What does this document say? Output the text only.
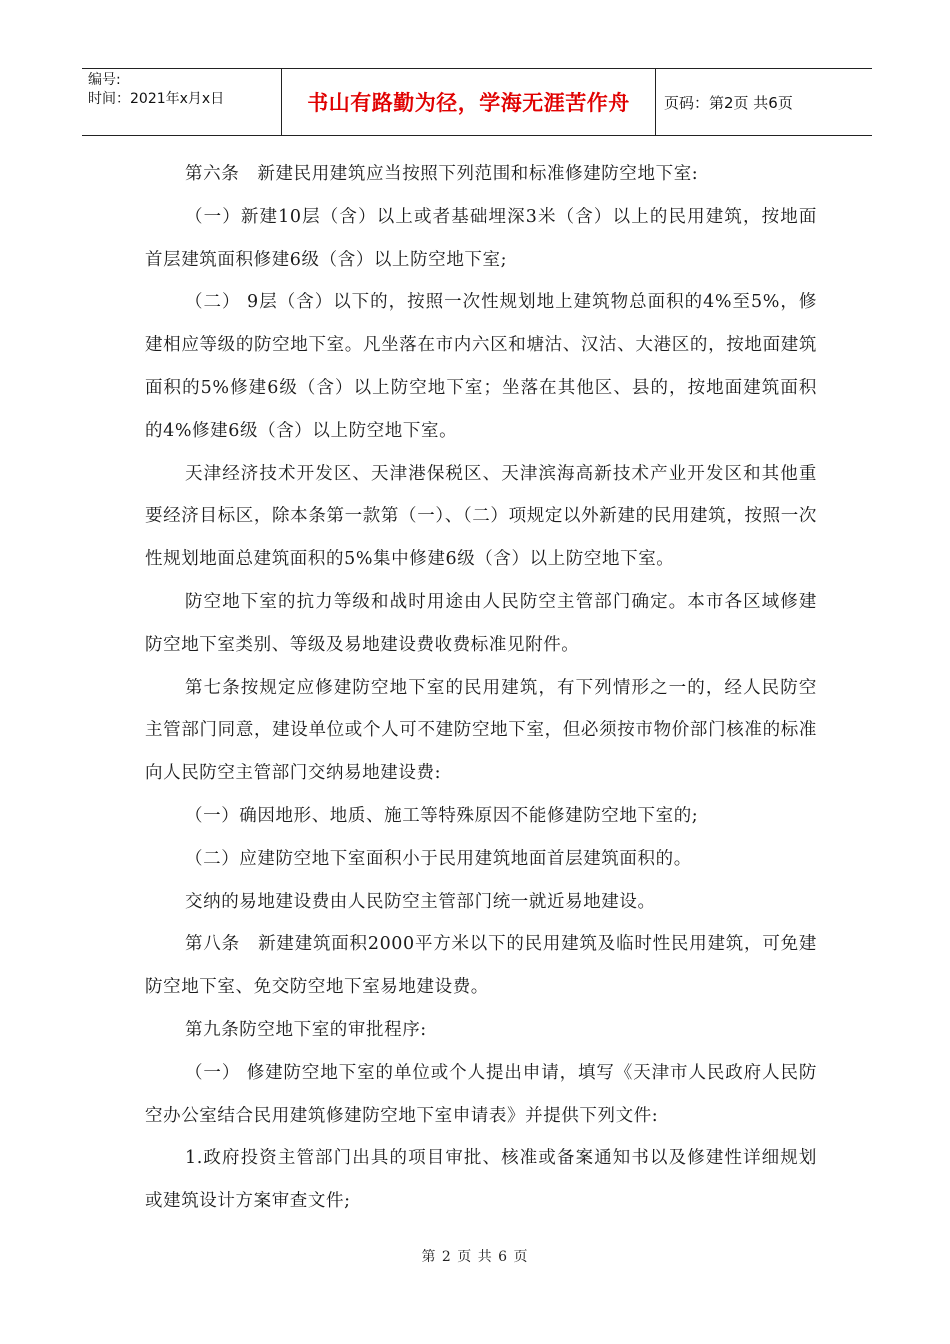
编号:
时间：2021年x月x日	书山有路勤为径，学海无涯苦作舟 页码：第2页 共6页

第六条　新建民用建筑应当按照下列范围和标准修建防空地下室:

（一）新建10层（含）以上或者基础埋深3米（含）以上的民用建筑，按地面首层建筑面积修建6级（含）以上防空地下室;

（二） 9层（含）以下的，按照一次性规划地上建筑物总面积的4%至5%，修建相应等级的防空地下室。凡坐落在市内六区和塘沽、汉沽、大港区的，按地面建筑面积的5%修建6级（含）以上防空地下室；坐落在其他区、县的，按地面建筑面积的4%修建6级（含）以上防空地下室。

天津经济技术开发区、天津港保税区、天津滨海高新技术产业开发区和其他重要经济目标区，除本条第一款第（一）、（二）项规定以外新建的民用建筑，按照一次性规划地面总建筑面积的5%集中修建6级（含）以上防空地下室。

防空地下室的抗力等级和战时用途由人民防空主管部门确定。本市各区域修建防空地下室类别、等级及易地建设费收费标准见附件。

第七条按规定应修建防空地下室的民用建筑，有下列情形之一的，经人民防空主管部门同意，建设单位或个人可不建防空地下室，但必须按市物价部门核准的标准向人民防空主管部门交纳易地建设费:

（一）确因地形、地质、施工等特殊原因不能修建防空地下室的;

（二）应建防空地下室面积小于民用建筑地面首层建筑面积的。

交纳的易地建设费由人民防空主管部门统一就近易地建设。

第八条　新建建筑面积2000平方米以下的民用建筑及临时性民用建筑，可免建防空地下室、免交防空地下室易地建设费。

第九条防空地下室的审批程序:

（一） 修建防空地下室的单位或个人提出申请，填写《天津市人民政府人民防空办公室结合民用建筑修建防空地下室申请表》并提供下列文件:

1.政府投资主管部门出具的项目审批、核准或备案通知书以及修建性详细规划或建筑设计方案审查文件;

第 2 页 共 6 页
